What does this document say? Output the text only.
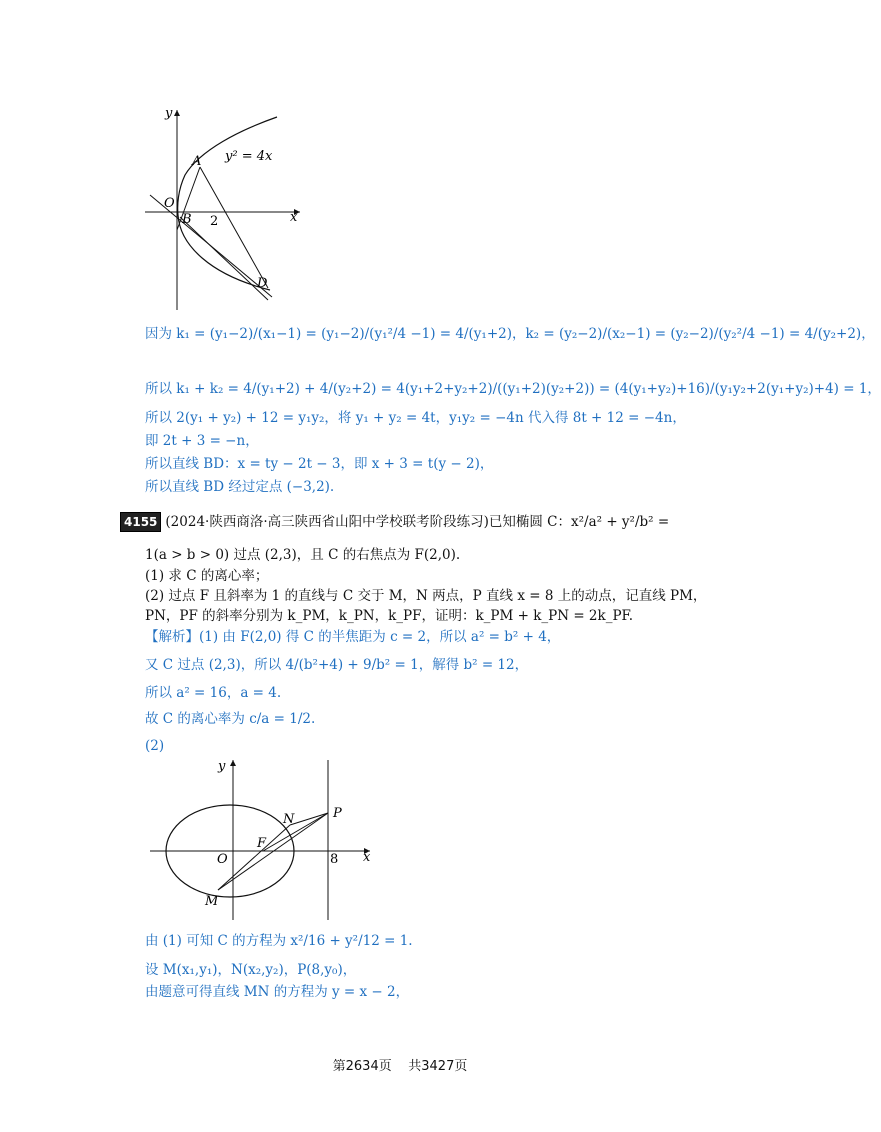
y
x
y² = 4x
A
O
B 2
D
因为 k₁ = (y₁−2)/(x₁−1) = (y₁−2)/(y₁²/4 −1) = 4/(y₁+2)，k₂ = (y₂−2)/(x₂−1) = (y₂−2)/(y₂²/4 −1) = 4/(y₂+2)，
所以 k₁ + k₂ = 4/(y₁+2) + 4/(y₂+2) = 4(y₁+2+y₂+2)/((y₁+2)(y₂+2)) = (4(y₁+y₂)+16)/(y₁y₂+2(y₁+y₂)+4) = 1，
所以 2(y₁ + y₂) + 12 = y₁y₂，将 y₁ + y₂ = 4t，y₁y₂ = −4n 代入得 8t + 12 = −4n，
即 2t + 3 = −n，
所以直线 BD：x = ty − 2t − 3，即 x + 3 = t(y − 2)，
所以直线 BD 经过定点 (−3,2).
4155 (2024·陕西商洛·高三陕西省山阳中学校联考阶段练习)已知椭圆 C：x²/a² + y²/b² =
1(a > b > 0) 过点 (2,3)，且 C 的右焦点为 F(2,0).
(1) 求 C 的离心率；
(2) 过点 F 且斜率为 1 的直线与 C 交于 M，N 两点，P 直线 x = 8 上的动点，记直线 PM，
PN，PF 的斜率分别为 k_PM，k_PN，k_PF，证明：k_PM + k_PN = 2k_PF.
【解析】(1) 由 F(2,0) 得 C 的半焦距为 c = 2，所以 a² = b² + 4，
又 C 过点 (2,3)，所以 4/(b²+4) + 9/b² = 1，解得 b² = 12，
所以 a² = 16，a = 4.
故 C 的离心率为 c/a = 1/2.
(2)
y
x
O
F
N	P
M
8
由 (1) 可知 C 的方程为 x²/16 + y²/12 = 1.
设 M(x₁,y₁)，N(x₂,y₂)，P(8,y₀)，
由题意可得直线 MN 的方程为 y = x − 2，
第2634页 共3427页
